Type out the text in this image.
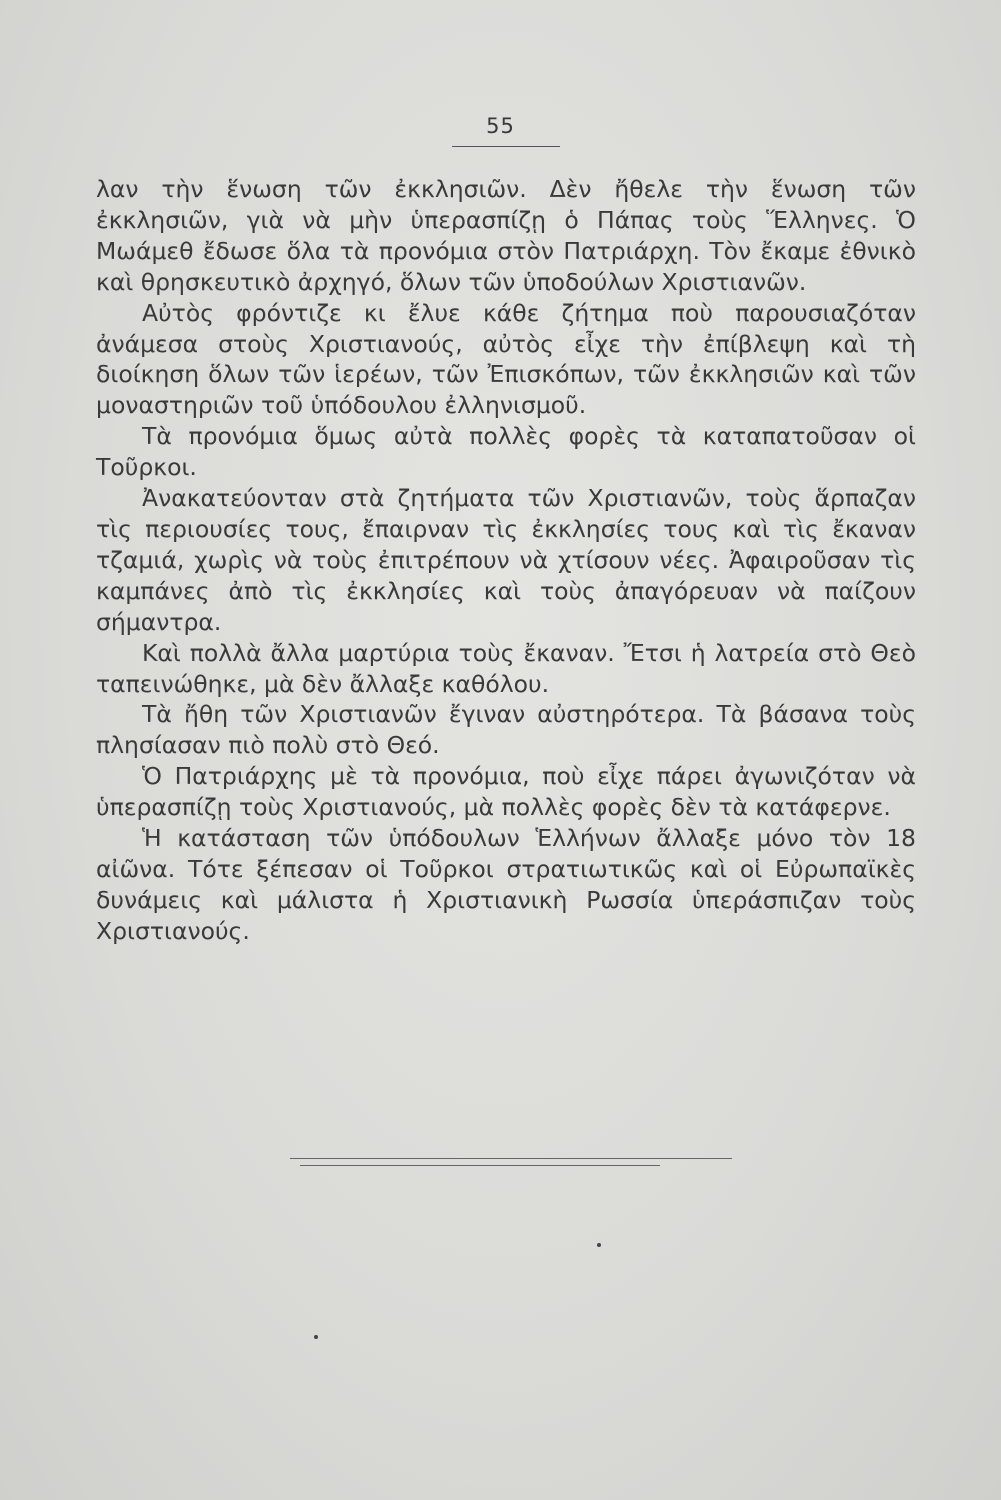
55

λαν τὴν ἕνωση τῶν ἐκκλησιῶν. Δὲν ἤθελε τὴν ἕνωση τῶν ἐκκλησιῶν, γιὰ νὰ μὴν ὑπερασπίζῃ ὁ Πάπας τοὺς Ἕλληνες. Ὁ Μωάμεθ ἔδωσε ὅλα τὰ προνόμια στὸν Πατριάρχη. Τὸν ἔκαμε ἐθνικὸ καὶ θρησκευτικὸ ἀρχηγό, ὅλων τῶν ὑποδούλων Χριστιανῶν.

Αὐτὸς φρόντιζε κι ἔλυε κάθε ζήτημα ποὺ παρουσιαζόταν ἀνάμεσα στοὺς Χριστιανούς, αὐτὸς εἶχε τὴν ἐπίβλεψη καὶ τὴ διοίκηση ὅλων τῶν ἱερέων, τῶν Ἐπισκόπων, τῶν ἐκκλησιῶν καὶ τῶν μοναστηριῶν τοῦ ὑπόδουλου ἐλληνισμοῦ.

Τὰ προνόμια ὅμως αὐτὰ πολλὲς φορὲς τὰ καταπατοῦσαν οἱ Τοῦρκοι.

Ἀνακατεύονταν στὰ ζητήματα τῶν Χριστιανῶν, τοὺς ἅρπαζαν τὶς περιουσίες τους, ἔπαιρναν τὶς ἐκκλησίες τους καὶ τὶς ἔκαναν τζαμιά, χωρὶς νὰ τοὺς ἐπιτρέπουν νὰ χτίσουν νέες. Ἀφαιροῦσαν τὶς καμπάνες ἀπὸ τὶς ἐκκλησίες καὶ τοὺς ἀπαγόρευαν νὰ παίζουν σήμαντρα.

Καὶ πολλὰ ἄλλα μαρτύρια τοὺς ἔκαναν. Ἔτσι ἡ λατρεία στὸ Θεὸ ταπεινώθηκε, μὰ δὲν ἄλλαξε καθόλου.

Τὰ ἤθη τῶν Χριστιανῶν ἔγιναν αὐστηρότερα. Τὰ βάσανα τοὺς πλησίασαν πιὸ πολὺ στὸ Θεό.

Ὁ Πατριάρχης μὲ τὰ προνόμια, ποὺ εἶχε πάρει ἀγωνιζόταν νὰ ὑπερασπίζῃ τοὺς Χριστιανούς, μὰ πολλὲς φορὲς δὲν τὰ κατάφερνε.

Ἡ κατάσταση τῶν ὑπόδουλων Ἑλλήνων ἄλλαξε μόνο τὸν 18 αἰῶνα. Τότε ξέπεσαν οἱ Τοῦρκοι στρατιωτικῶς καὶ οἱ Εὐρωπαϊκὲς δυνάμεις καὶ μάλιστα ἡ Χριστιανικὴ Ρωσσία ὑπεράσπιζαν τοὺς Χριστιανούς.
